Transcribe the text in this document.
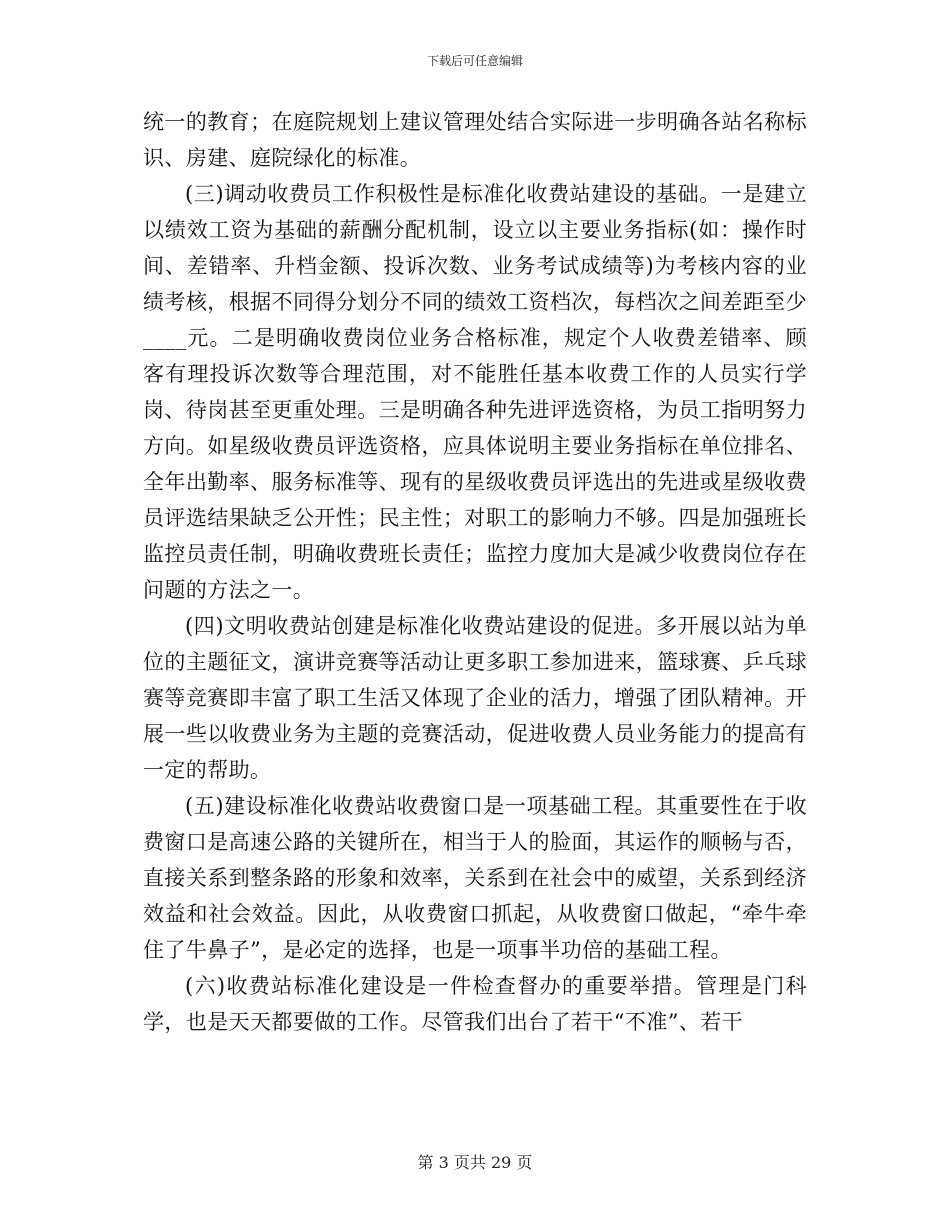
下载后可任意编辑

统一的教育；在庭院规划上建议管理处结合实际进一步明确各站名称标识、房建、庭院绿化的标准。

(三)调动收费员工作积极性是标准化收费站建设的基础。一是建立以绩效工资为基础的薪酬分配机制，设立以主要业务指标(如：操作时间、差错率、升档金额、投诉次数、业务考试成绩等)为考核内容的业绩考核，根据不同得分划分不同的绩效工资档次，每档次之间差距至少____元。二是明确收费岗位业务合格标准，规定个人收费差错率、顾客有理投诉次数等合理范围，对不能胜任基本收费工作的人员实行学岗、待岗甚至更重处理。三是明确各种先进评选资格，为员工指明努力方向。如星级收费员评选资格，应具体说明主要业务指标在单位排名、全年出勤率、服务标准等、现有的星级收费员评选出的先进或星级收费员评选结果缺乏公开性；民主性；对职工的影响力不够。四是加强班长监控员责任制，明确收费班长责任；监控力度加大是减少收费岗位存在问题的方法之一。

(四)文明收费站创建是标准化收费站建设的促进。多开展以站为单位的主题征文，演讲竞赛等活动让更多职工参加进来，篮球赛、乒乓球赛等竞赛即丰富了职工生活又体现了企业的活力，增强了团队精神。开展一些以收费业务为主题的竞赛活动，促进收费人员业务能力的提高有一定的帮助。

(五)建设标准化收费站收费窗口是一项基础工程。其重要性在于收费窗口是高速公路的关键所在，相当于人的脸面，其运作的顺畅与否，直接关系到整条路的形象和效率，关系到在社会中的威望，关系到经济效益和社会效益。因此，从收费窗口抓起，从收费窗口做起，“牵牛牵住了牛鼻子”，是必定的选择，也是一项事半功倍的基础工程。

(六)收费站标准化建设是一件检查督办的重要举措。管理是门科学，也是天天都要做的工作。尽管我们出台了若干“不准”、若干

第 3 页共 29 页
